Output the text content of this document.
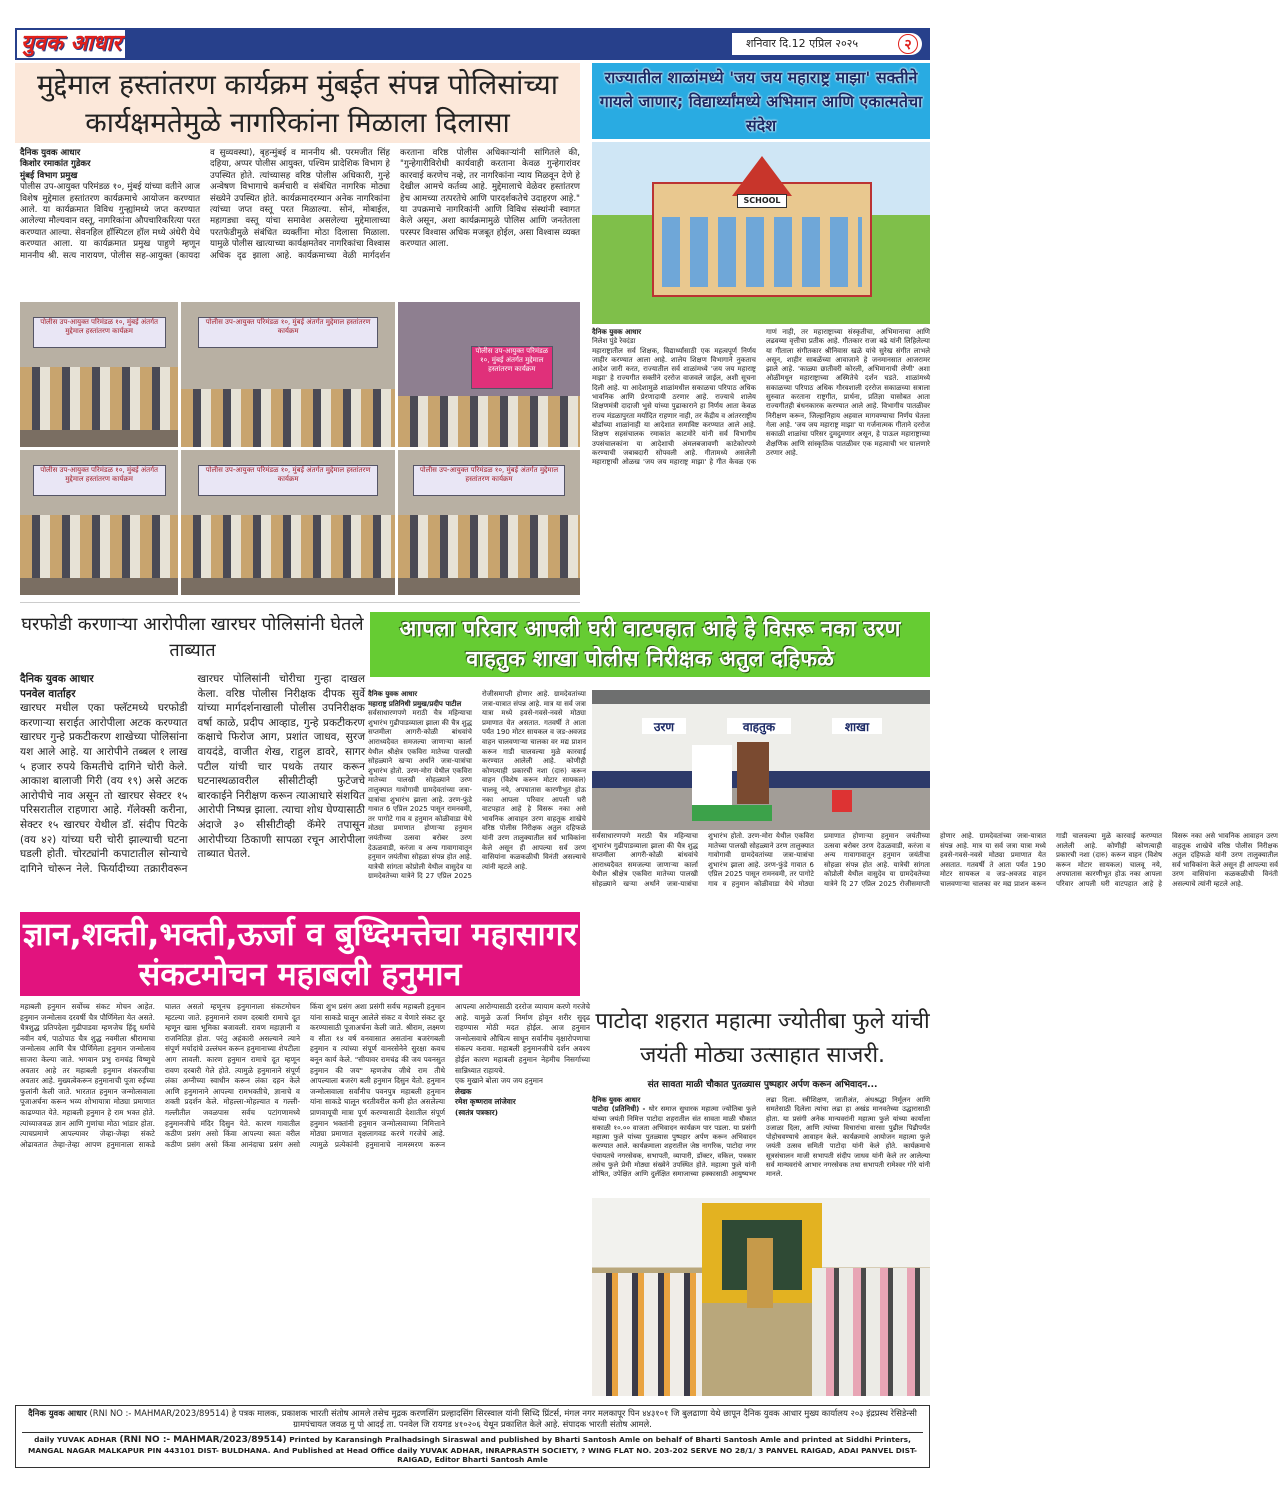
युवक आधार	शनिवार दि.12 एप्रिल २०२५	२
मुद्देमाल हस्तांतरण कार्यक्रम मुंबईत संपन्न पोलिसांच्या कार्यक्षमतेमुळे नागरिकांना मिळाला दिलासा
दैनिक युवक आधार
किशोर रमाकांत गुडेकर
मुंबई विभाग प्रमुख
पोलीस उप-आयुक्त परिमंडळ १०, मुंबई यांच्या वतीने आज विशेष मुद्देमाल हस्तांतरण कार्यक्रमाचे आयोजन करण्यात आले. या कार्यक्रमात विविध गुन्ह्यांमध्ये जप्त करण्यात आलेल्या मौल्यवान वस्तू, नागरिकांना औपचारिकरित्या परत करण्यात आल्या. सेवनहिल हॉस्पिटल हॉल मध्ये अंधेरी येथे करण्यात आला. या कार्यक्रमात प्रमुख पाहुणे म्हणून माननीय श्री. सत्य नारायण, पोलीस सह-आयुक्त (कायदा व सुव्यवस्था), बृहन्मुंबई व माननीय श्री. परमजीत सिंह दहिया, अप्पर पोलीस आयुक्त, पश्चिम प्रादेशिक विभाग हे उपस्थित होते. त्यांच्यासह वरिष्ठ पोलीस अधिकारी, गुन्हे अन्वेषण विभागाचे कर्मचारी व संबंधित नागरिक मोठ्या संख्येने उपस्थित होते. कार्यक्रमादरम्यान अनेक नागरिकांना त्यांच्या जप्त वस्तू परत मिळाल्या. सोनं, मोबाईल, महागड्या वस्तू यांचा समावेश असलेल्या मुद्देमालाच्या परतफेडीमुळे संबंधित व्यक्तींना मोठा दिलासा मिळाला. यामुळे पोलीस खात्याच्या कार्यक्षमतेवर नागरिकांचा विश्वास अधिक दृढ झाला आहे. कार्यक्रमाच्या वेळी मार्गदर्शन करताना वरिष्ठ पोलीस अधिकाऱ्यांनी सांगितले की, "गुन्हेगारीविरोधी कार्यवाही करताना केवळ गुन्हेगारांवर कारवाई करणेच नव्हे, तर नागरिकांना न्याय मिळवून देणे हे देखील आमचे कर्तव्य आहे. मुद्देमालाचे वेळेवर हस्तांतरण हेच आमच्या तत्परतेचे आणि पारदर्शकतेचे उदाहरण आहे." या उपक्रमाचे नागरिकांनी आणि विविध संस्थांनी स्वागत केले असून, अशा कार्यक्रमामुळे पोलिस आणि जनतेतला परस्पर विश्वास अधिक मजबूत होईल, असा विश्वास व्यक्त करण्यात आला.
पोलीस उप-आयुक्त परिमंडळ १०, मुंबई अंतर्गत मुद्देमाल हस्तांतरण कार्यक्रम
पोलीस उप-आयुक्त परिमंडळ १०, मुंबई अंतर्गत मुद्देमाल हस्तांतरण कार्यक्रम
पोलीस उप-आयुक्त परिमंडळ १०, मुंबई अंतर्गत मुद्देमाल हस्तांतरण कार्यक्रम
पोलीस उप-आयुक्त परिमंडळ १०, मुंबई अंतर्गत मुद्देमाल हस्तांतरण कार्यक्रम
पोलीस उप-आयुक्त परिमंडळ १०, मुंबई अंतर्गत मुद्देमाल हस्तांतरण कार्यक्रम
पोलीस उप-आयुक्त परिमंडळ १०, मुंबई अंतर्गत मुद्देमाल हस्तांतरण कार्यक्रम
राज्यातील शाळांमध्ये 'जय जय महाराष्ट्र माझा' सक्तीने गायले जाणार; विद्यार्थ्यांमध्ये अभिमान आणि एकात्मतेचा संदेश
SCHOOL
दैनिक युवक आधार
निलेश पुंडे रेवदंडा
महाराष्ट्रातील सर्व शिक्षक, विद्यार्थ्यांसाठी एक महत्वपूर्ण निर्णय जाहीर करण्यात आला आहे. शालेय शिक्षण विभागाने नुकताच आदेश जारी करत, राज्यातील सर्व शाळांमध्ये 'जय जय महाराष्ट्र माझा' हे राज्यगीत सक्तीने दररोज वाजवले जाईल, अशी सूचना दिली आहे. या आदेशामुळे शाळांमधील सकाळचा परिपाठ अधिक भावनिक आणि प्रेरणादायी ठरणार आहे. राज्याचे शालेय शिक्षणमंत्री दादाजी भुसे यांच्या पुढाकाराने हा निर्णय आता केवळ राज्य मंडळापुरता मर्यादित राहणार नाही, तर केंद्रीय व आंतरराष्ट्रीय बोर्डांच्या शाळांनाही या आदेशात समाविष्ट करण्यात आले आहे. शिक्षण सहसंचालक रमाकांत काटमोरे यांनी सर्व विभागीय उपसंचालकांना या आदेशाची अंमलबजावणी काटेकोरपणे करण्याची जबाबदारी सोपवली आहे. गीतामध्ये असलेली महाराष्ट्राची ओळख 'जय जय महाराष्ट्र माझा' हे गीत केवळ एक गाणं नाही, तर महाराष्ट्राच्या संस्कृतीचा, अभिमानाचा आणि लढवय्या वृत्तीचा प्रतीक आहे. गीतकार राजा बढे यांनी लिहिलेल्या या गीताला संगीतकार श्रीनिवास खळे यांचे सुरेख संगीत लाभले असून, शाहीर साबळेंच्या आवाजाने हे जनमानसात आजरामर झाले आहे. 'काळ्या छातीवरी कोरली, अभिमानाची लेणी' अशा ओळींमधून महाराष्ट्राच्या अस्मितेचे दर्शन घडते. शाळांमध्ये सकाळच्या परिपाठ अधिक गौरवशाली दररोज सकाळच्या सत्राला सुरुवात करताना राष्ट्रगीत, प्रार्थना, प्रतिज्ञा यासोबत आता राज्यगीतही बंधनकारक करण्यात आले आहे. विभागीय पातळीवर निरीक्षण करून, जिल्हानिहाय अहवाल मागवण्याचा निर्णय घेतला गेला आहे. 'जय जय महाराष्ट्र माझा' या गर्जनात्मक गीताने दररोज सकाळी शाळांचा परिसर दुमदुमणार असून, हे पाऊल महाराष्ट्राच्या शैक्षणिक आणि सांस्कृतिक पातळीवर एक महत्वाची भर घालणारे ठरणार आहे.
घरफोडी करणाऱ्या आरोपीला खारघर पोलिसांनी घेतले ताब्यात
दैनिक युवक आधार
पनवेल वार्ताहर
खारघर मधील एका फ्लॅटमध्ये घरफोडी करणाऱ्या सराईत आरोपीला अटक करण्यात खारघर गुन्हे प्रकटीकरण शाखेच्या पोलिसांना यश आले आहे. या आरोपीने तब्बल १ लाख ५ हजार रुपये किमतीचे दागिने चोरी केले. आकाश बालाजी गिरी (वय १९) असे अटक आरोपीचे नाव असून तो खारघर सेक्टर १५ परिसरातील राहणारा आहे. गॅलेक्सी करीना, सेक्टर १५ खारघर येथील डॉ. संदीप पिटके (वय ४२) यांच्या घरी चोरी झाल्याची घटना घडली होती. चोरट्यांनी कपाटातील सोन्याचे दागिने चोरून नेले. फिर्यादीच्या तक्रारीवरून खारघर पोलिसांनी चोरीचा गुन्हा दाखल केला. वरिष्ठ पोलीस निरीक्षक दीपक सुर्वे यांच्या मार्गदर्शनाखाली पोलीस उपनिरीक्षक वर्षा काळे, प्रदीप आव्हाड, गुन्हे प्रकटीकरण कक्षाचे फिरोज आग, प्रशांत जाधव, सुरज वायदंडे, वाजीत शेख, राहुल डावरे, सागर पटील यांची चार पथके तयार करून घटनास्थळावरील सीसीटीव्ही फुटेजचे बारकाईने निरीक्षण करून त्याआधारे संशयित आरोपी निष्पन्न झाला. त्याचा शोध घेण्यासाठी अंदाजे ३० सीसीटीव्ही कॅमेरे तपासून आरोपीच्या ठिकाणी सापळा रचून आरोपीला ताब्यात घेतले.
आपला परिवार आपली घरी वाटपहात आहे हे विसरू नका उरण वाहतुक शाखा पोलीस निरीक्षक अतुल दहिफळे
दैनिक युवक आधार
महाराष्ट्र प्रतिनिधी प्रमुख/प्रदीप पाटील
सर्वसाधारणपणे मराठी चैत्र महिन्याचा शुभारंभ गुढीपाडव्याला झाला की चैत्र शुद्ध सप्तमीला आगरी-कोळी बांधवांचे आराध्यदैवत समजल्या जाणाऱ्या कार्ला येथील श्रीक्षेत्र एकविरा मातेच्या पालखी सोहळ्याने खऱ्या अर्थाने जत्रा-यात्रांचा शुभारंभ होतो. उरण-मोरा येथील एकविरा मातेच्या पालखी सोहळ्याने उरण तालुक्यात गावोगावी ग्रामदेवतांच्या जत्रा-यात्रांचा शुभारंभ झाला आहे. उरण-फुंडे गावात 6 एप्रिल 2025 पासून रामनवमी, तर पागोटे गाव व हनुमान कोळीवाडा येथे मोठ्या प्रमाणात होणाऱ्या हनुमान जयंतीच्या उत्सवा बरोबर उरण देऊळवाडी, करंजा व अन्य गावागावातून हनुमान जयंतीचा सोहळा संपन्न होत आहे. यात्रेची सांगता कोप्रोली येथील वासुदेव या ग्रामदेवतेच्या यात्रेने दि 27 एप्रिल 2025 रोजीसमाप्ती होणार आहे. ग्रामदेवतांच्या जत्रा-यात्रात संपन्न आहे. मात्र या सर्व जत्रा यात्रा मध्ये हवसे-गवसे-नवसे मोठ्या प्रमाणात येत असतात. गतवर्षी ते आता पर्यंत 190 मोटर सायकल व जड-अवजड वाहन चालवणाऱ्या चालका वर मद्य प्राशन करून गाडी चालवल्या मुळे कारवाई करण्यात आलेली आहे. कोणीही कोणत्याही प्रकारची नशा (दारु) करून वाहन (विशेष करून मोटार सायकल) चालवू नये, अपघातास कारणीभूत होऊ नका आपला परिवार आपली घरी वाटपहात आहे हे विसरू नका असे भावनिक आवाहन उरण वाहतूक शाखेचे वरिष्ठ पोलीस निरीक्षक अतुल दहिफळे यांनी उरण तालुक्यातील सर्व भाविकांना केले असून ही आपल्या सर्व उरण वासियांना कळकळीची विनंती असल्याचे त्यांनी म्हटले आहे.
उरण	वाहतुक	शाखा
सर्वसाधारणपणे मराठी चैत्र महिन्याचा शुभारंभ गुढीपाडव्याला झाला की चैत्र शुद्ध सप्तमीला आगरी-कोळी बांधवांचे आराध्यदैवत समजल्या जाणाऱ्या कार्ला येथील श्रीक्षेत्र एकविरा मातेच्या पालखी सोहळ्याने खऱ्या अर्थाने जत्रा-यात्रांचा शुभारंभ होतो. उरण-मोरा येथील एकविरा मातेच्या पालखी सोहळ्याने उरण तालुक्यात गावोगावी ग्रामदेवतांच्या जत्रा-यात्रांचा शुभारंभ झाला आहे. उरण-फुंडे गावात 6 एप्रिल 2025 पासून रामनवमी, तर पागोटे गाव व हनुमान कोळीवाडा येथे मोठ्या प्रमाणात होणाऱ्या हनुमान जयंतीच्या उत्सवा बरोबर उरण देऊळवाडी, करंजा व अन्य गावागावातून हनुमान जयंतीचा सोहळा संपन्न होत आहे. यात्रेची सांगता कोप्रोली येथील वासुदेव या ग्रामदेवतेच्या यात्रेने दि 27 एप्रिल 2025 रोजीसमाप्ती होणार आहे. ग्रामदेवतांच्या जत्रा-यात्रात संपन्न आहे. मात्र या सर्व जत्रा यात्रा मध्ये हवसे-गवसे-नवसे मोठ्या प्रमाणात येत असतात. गतवर्षी ते आता पर्यंत 190 मोटर सायकल व जड-अवजड वाहन चालवणाऱ्या चालका वर मद्य प्राशन करून गाडी चालवल्या मुळे कारवाई करण्यात आलेली आहे. कोणीही कोणत्याही प्रकारची नशा (दारु) करून वाहन (विशेष करून मोटार सायकल) चालवू नये, अपघातास कारणीभूत होऊ नका आपला परिवार आपली घरी वाटपहात आहे हे विसरू नका असे भावनिक आवाहन उरण वाहतूक शाखेचे वरिष्ठ पोलीस निरीक्षक अतुल दहिफळे यांनी उरण तालुक्यातील सर्व भाविकांना केले असून ही आपल्या सर्व उरण वासियांना कळकळीची विनंती असल्याचे त्यांनी म्हटले आहे.
ज्ञान,शक्ती,भक्ती,ऊर्जा व बुध्दिमत्तेचा महासागर संकटमोचन महाबली हनुमान
महाबली हनुमान सर्वोच्च संकट मोचन आहेत. हनुमान जन्मोत्सव दरवर्षी चैत्र पौर्णिमेला येत असते. चैत्रशुद्ध प्रतिपदेला गुढीपाडवा म्हणजेच हिंदू धर्माचे नवीन वर्ष, पाठोपाठ चैत्र शुद्ध नवमीला श्रीरामाचा जन्मोत्सव आणि चैत्र पौर्णिमेला हनुमान जन्मोत्सव साजरा केल्या जाते. भगवान प्रभु रामचंद्र विष्णुचे अवतार आहे तर महाबली हनुमान शंकरजीचा अवतार आहे. मुख्यत्वेकरून हनुमानाची पूजा रुईच्या फुलांनी केली जाते. भारतात हनुमान जन्मोत्सवाला पूजाअर्चना करून भव्य शोभायात्रा मोठ्या प्रमाणात काढण्यात येते. महाबली हनुमान हे राम भक्त होते. त्यांच्याजवळ ज्ञान आणि गुणांचा मोठा भांडार होता. त्याचप्रमाणे आपल्यावर जेव्हा-जेव्हा संकटे ओढावतात तेव्हा-तेव्हा आपण हनुमानाला साकडे घालत असतो म्हणूनच हनुमानाला संकटमोचन म्हटल्या जाते. हनुमानाने रावण दरबारी रामाचे दूत म्हणून खास भूमिका बजावली. रावण महाज्ञानी व राजनितिज्ञ होता. परंतु अहंकारी असल्याने त्याने संपूर्ण मर्यादांचे उल्लंघन करून हनुमानाच्या शेपटीला आग लावली. कारण हनुमान रामाचे दूत म्हणून रावण दरबारी गेले होते. त्यामुळे हनुमानाने संपूर्ण लंका अग्नीच्या स्वाधीन करून लंका दहन केले आणि हनुमानाने आपल्या रामभक्तीचे, ज्ञानाचे व शक्ती प्रदर्शन केले. मोहल्ला-मोहल्यात व गल्ली-गल्लीतील जवळपास सर्वच पटांगणामध्ये हनुमानजीचे मंदिर दिसुन येते. कारण गावातील कठीण प्रसंग असो किंवा आपल्या स्वतः वरील कठीण प्रसंग असो किंवा आनंदाचा प्रसंग असो किंवा शुभ प्रसंग अशा प्रसंगी सर्वच महाबली हनुमान यांना साकडे घालून आलेले संकट व येणारे संकट दूर करण्यासाठी पूजाअर्चना केली जाते. श्रीराम, लक्ष्मण व सीता १४ वर्ष वनवासात असतांना बजरंगबली हनुमान व त्यांच्या संपूर्ण वानरसेनेने सुरक्षा कवच बनून कार्य केले. "सीयावर रामचंद्र की जय पवनसुत हनुमान की जय" म्हणजेच जीथे राम तीथे आपल्याला बजरंग बली हनुमान दिसुन येतो. हनुमान जन्मोत्सवाला सर्वांनीच पवनपुत्र महाबली हनुमान यांना साकडे घालून धरतीवरील कमी होत असलेल्या प्राणवायूची मात्रा पूर्ण करण्यासाठी देशातील संपूर्ण हनुमान भक्तांनी हनुमान जन्मोत्सवाच्या निमित्ताने मोठ्या प्रमाणात वृक्षलागवड करणे गरजेचे आहे. त्यामुळे प्रत्येकांनी हनुमानाचे नामस्मरण करून आपल्या आरोग्यासाठी दररोज व्यायाम करणे गरजेचे आहे. यामुळे ऊर्जा निर्माण होवून शरीर सुदृढ राहण्यास मोठी मदत होईल. आज हनुमान जन्मोत्सवाचे औचित्य साधून सर्वांनीच वृक्षारोपणाचा संकल्प करावा. महाबली हनुमानजीचे दर्शन अवश्य होईल कारण महाबली हनुमान नेहमीच निसर्गाच्या सान्निध्यात राहायचे.
एक मुखाने बोला जय जय हनुमान
लेखक
रमेश कृष्णराव लांजेवार
(स्वतंत्र पत्रकार)
पाटोदा शहरात महात्मा ज्योतीबा फुले यांची जयंती मोठ्या उत्साहात साजरी.
संत सावता माळी चौकात पुतळ्यास पुष्पहार अर्पण करून अभिवादन...
दैनिक युवक आधार
पाटोदा (प्रतिनिधी) - थोर समाज सुधारक महात्मा ज्योतिबा फुले यांच्या जयंती निमित्त पाटोदा शहरातील संत सावता माळी चौकात सकाळी १०.०० वाजता अभिवादन कार्यक्रम पार पडला. या प्रसंगी महात्मा फुले यांच्या पुतळ्यास पुष्पहार अर्पण करून अभिवादन करण्यात आले. कार्यक्रमाला शहरातील जेष्ठ नागरिक, पाटोदा नगर पंचायतचे नगरसेवक, सभापती, व्यापारी, डॉक्टर, वकिल, पत्रकार तसेच फुले प्रेमी मोठ्या संख्येने उपस्थित होते. महात्मा फुले यांनी शोषित, उपेक्षित आणि दुर्लक्षित समाजाच्या हक्कासाठी आयुष्यभर लढा दिला. स्त्रीशिक्षण, जातीअंत, अंधश्रद्धा निर्मूलन आणि समतेसाठी दिलेला त्यांचा लढा हा अखंड मानवतेच्या उद्धारासाठी होता. या प्रसंगी अनेक मान्यवरांनी महात्मा फुले यांच्या कार्याला उजाळा दिला, आणि त्यांच्या विचारांचा वारसा पुढील पिढीपर्यंत पोहोचवण्याचे आवाहन केले. कार्यक्रमाचे आयोजन महात्मा फुले जयंती उत्सव समिती पाटोदा यांनी केले होते. कार्यक्रमाचे सूत्रसंचालन माजी सभापती संदीप जाधव यांनी केले तर आलेल्या सर्व मान्यवरांचे आभार नगरसेवक तथा सभापती रामेश्वर गोरे यांनी मानले.
दैनिक युवक आधार (RNI NO :- MAHMAR/2023/89514) हे पत्रक मालक, प्रकाशक भारती संतोष आमले तसेच मुद्रक करणसिंग प्रल्हादसिंग सिरस्वाल यांनी सिध्दि प्रिंटर्स, मंगल नगर मलकापूर पिन ४४३१०१ जि बुलढाणा येथे छापून दैनिक युवक आधार मुख्य कार्यालय २०३ इंद्रप्रस्थ रेसिडेन्सी ग्रामपंचायत जवळ मु पो आदई ता. पनवेल जि रायगड ४१०२०६ येथून प्रकाशित केले आहे. संपादक भारती संतोष आमले.
daily YUVAK ADHAR (RNI NO :- MAHMAR/2023/89514) Printed by Karansingh Pralhadsingh Siraswal and published by Bharti Santosh Amle on behalf of Bharti Santosh Amle and printed at Siddhi Printers, MANGAL NAGAR MALKAPUR PIN 443101 DIST- BULDHANA. And Published at Head Office daily YUVAK ADHAR, INRAPRASTH SOCIETY, ? WING FLAT NO. 203-202 SERVE NO 28/1/ 3 PANVEL RAIGAD, ADAI PANVEL DIST-RAIGAD, Editor Bharti Santosh Amle
